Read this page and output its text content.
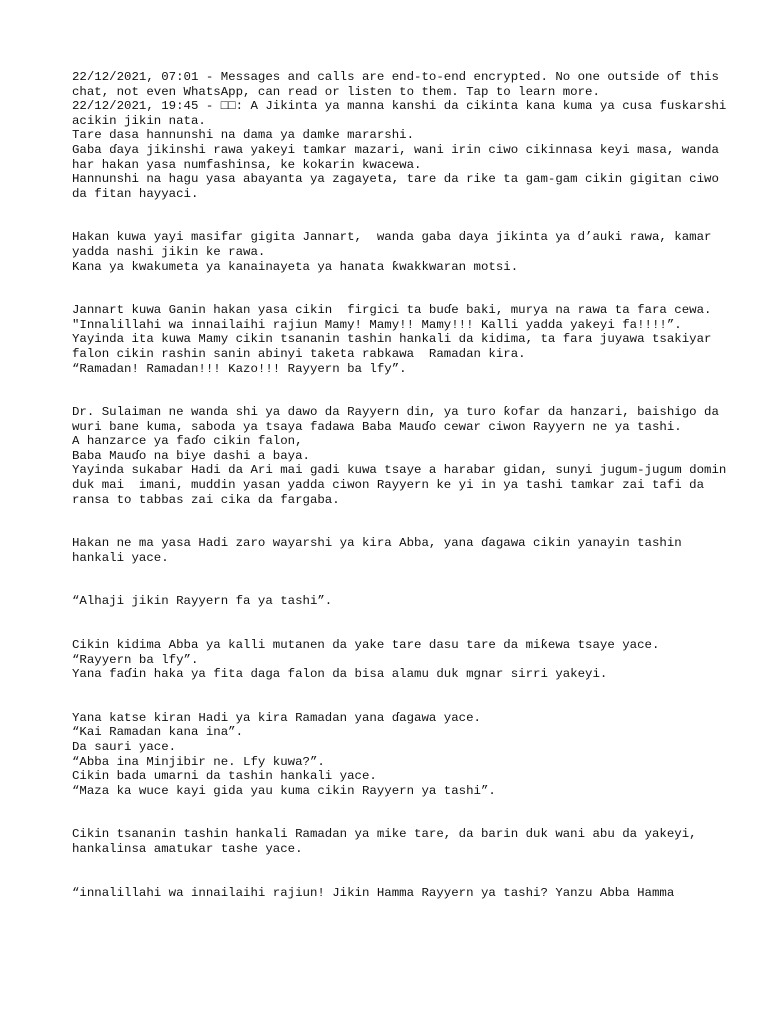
22/12/2021, 07:01 - Messages and calls are end-to-end encrypted. No one outside of this chat, not even WhatsApp, can read or listen to them. Tap to learn more.
22/12/2021, 19:45 - □□: A Jikinta ya manna kanshi da cikinta kana kuma ya cusa fuskarshi acikin jikin nata.
Tare dasa hannunshi na dama ya damke mararshi.
Gaba ɗaya jikinshi rawa yakeyi tamkar mazari, wani irin ciwo cikinnasa keyi masa, wanda har hakan yasa numfashinsa, ke kokarin kwacewa.
Hannunshi na hagu yasa abayanta ya zagayeta, tare da rike ta gam-gam cikin gigitan ciwo da fitan hayyaci.
Hakan kuwa yayi masifar gigita Jannart,  wanda gaba daya jikinta ya d’auki rawa, kamar yadda nashi jikin ke rawa.
Kana ya kwakumeta ya kanainayeta ya hanata ƙwakkwaran motsi.
Jannart kuwa Ganin hakan yasa cikin  firgici ta buɗe baki, murya na rawa ta fara cewa.
"Innalillahi wa innailaihi rajiun Mamy! Mamy!! Mamy!!! Kalli yadda yakeyi fa!!!!”.
Yayinda ita kuwa Mamy cikin tsananin tashin hankali da kidima, ta fara juyawa tsakiyar falon cikin rashin sanin abinyi taketa rabkawa  Ramadan kira.
“Ramadan! Ramadan!!! Kazo!!! Rayyern ba lfy”.
Dr. Sulaiman ne wanda shi ya dawo da Rayyern din, ya turo ƙofar da hanzari, baishigo da wuri bane kuma, saboda ya tsaya fadawa Baba Mauɗo cewar ciwon Rayyern ne ya tashi.
A hanzarce ya faɗo cikin falon,
Baba Mauɗo na biye dashi a baya.
Yayinda sukabar Hadi da Ari mai gadi kuwa tsaye a harabar gidan, sunyi jugum-jugum domin duk mai  imani, muddin yasan yadda ciwon Rayyern ke yi in ya tashi tamkar zai tafi da ransa to tabbas zai cika da fargaba.
Hakan ne ma yasa Hadi zaro wayarshi ya kira Abba, yana ɗagawa cikin yanayin tashin hankali yace.
“Alhaji jikin Rayyern fa ya tashi”.
Cikin kidima Abba ya kalli mutanen da yake tare dasu tare da miƙewa tsaye yace.
“Rayyern ba lfy”.
Yana faɗin haka ya fita daga falon da bisa alamu duk mgnar sirri yakeyi.
Yana katse kiran Hadi ya kira Ramadan yana ɗagawa yace.
“Kai Ramadan kana ina”.
Da sauri yace.
“Abba ina Minjibir ne. Lfy kuwa?”.
Cikin bada umarni da tashin hankali yace.
“Maza ka wuce kayi gida yau kuma cikin Rayyern ya tashi”.
Cikin tsananin tashin hankali Ramadan ya mike tare, da barin duk wani abu da yakeyi, hankalinsa amatukar tashe yace.
“innalillahi wa innailaihi rajiun! Jikin Hamma Rayyern ya tashi? Yanzu Abba Hamma
